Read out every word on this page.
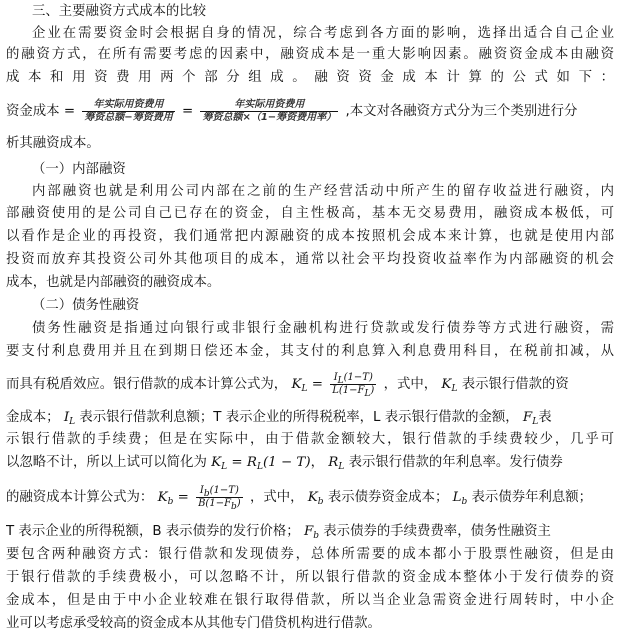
三、主要融资方式成本的比较
企业在需要资金时会根据自身的情况，综合考虑到各方面的影响，选择出适合自己企业
的融资方式，在所有需要考虑的因素中，融资成本是一重大影响因素。融资资金成本由融资
成本和用资费用两个部分组成。融资资金成本计算的公式如下：
资金成本 = $\frac{\text{年实际用资费用}}{\text{筹资总额−筹资费用}} = \frac{\text{年实际用资费用}}{\text{筹资总额×（1−筹资费用率）}}$ ,本文对各融资方式分为三个类别进行分
析其融资成本。
（一）内部融资
内部融资也就是利用公司内部在之前的生产经营活动中所产生的留存收益进行融资，内
部融资使用的是公司自己已存在的资金，自主性极高，基本无交易费用，融资成本极低，可
以看作是企业的再投资，我们通常把内源融资的成本按照机会成本来计算，也就是使用内部
投资而放弃其投资公司外其他项目的成本，通常以社会平均投资收益率作为内部融资的机会
成本，也就是内部融资的融资成本。
（二）债务性融资
债务性融资是指通过向银行或非银行金融机构进行贷款或发行债券等方式进行融资，需
要支付利息费用并且在到期日偿还本金，其支付的利息算入利息费用科目，在税前扣减，从
而具有税盾效应。银行借款的成本计算公式为， $K_L = \frac{I_L(1-T)}{L(1-F_L)}$ ，式中， $K_L$ 表示银行借款的资
金成本； $I_L$ 表示银行借款利息额；T 表示企业的所得税税率，L 表示银行借款的金额， $F_L$表
示银行借款的手续费；但是在实际中，由于借款金额较大，银行借款的手续费较少，几乎可
以忽略不计，所以上试可以简化为 $K_L = R_L(1 - T)$， $R_L$ 表示银行借款的年利息率。发行债券
的融资成本计算公式为： $K_b = \frac{I_b(1-T)}{B(1-F_b)}$ ，式中， $K_b$ 表示债券资金成本； $L_b$ 表示债券年利息额；
T 表示企业的所得税额，B 表示债券的发行价格； $F_b$ 表示债券的手续费费率，债务性融资主
要包含两种融资方式：银行借款和发现债券，总体所需要的成本都小于股票性融资，但是由
于银行借款的手续费极小，可以忽略不计，所以银行借款的资金成本整体小于发行债券的资
金成本，但是由于中小企业较难在银行取得借款，所以当企业急需资金进行周转时，中小企
业可以考虑承受较高的资金成本从其他专门借贷机构进行借款。
